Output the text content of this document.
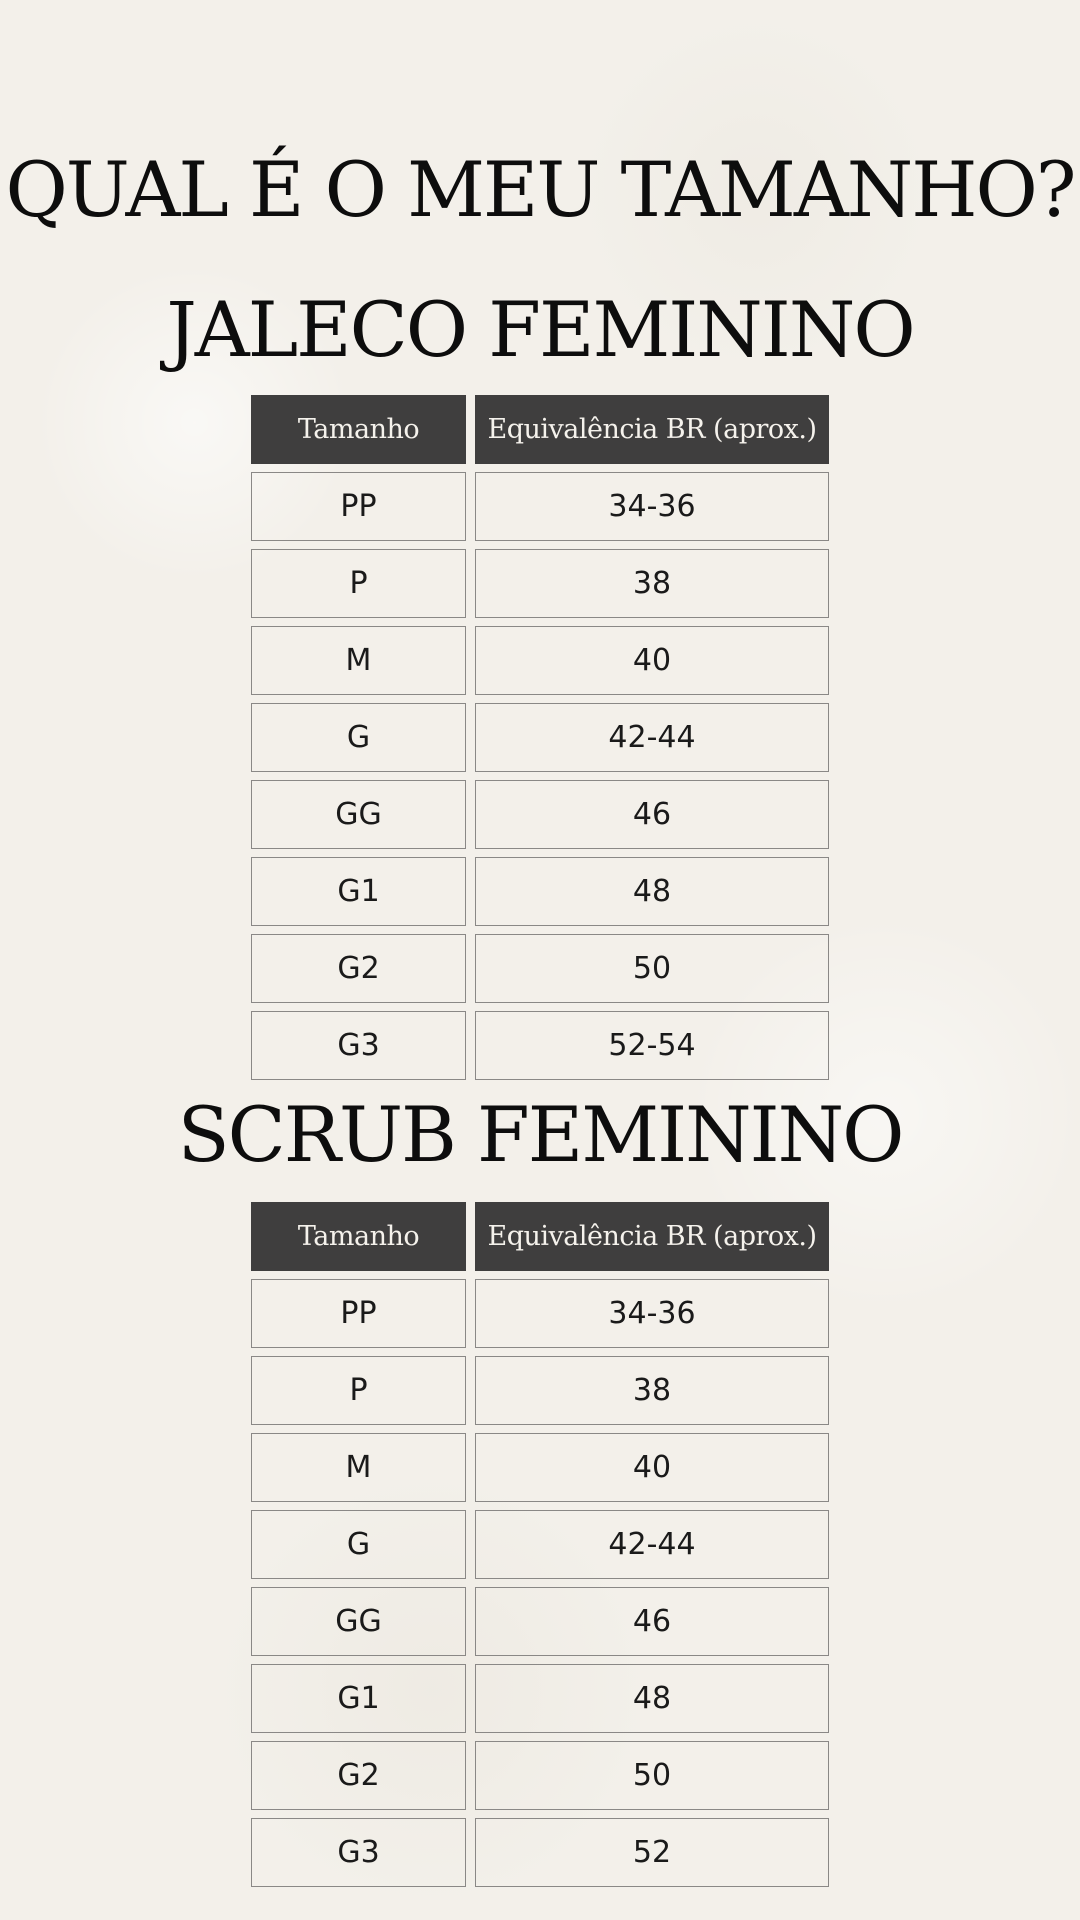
QUAL É O MEU TAMANHO?
JALECO FEMININO
Tamanho	Equivalência BR (aprox.)
PP	34-36
P	38
M	40
G	42-44
GG	46
G1	48
G2	50
G3	52-54
SCRUB FEMININO
Tamanho	Equivalência BR (aprox.)
PP	34-36
P	38
M	40
G	42-44
GG	46
G1	48
G2	50
G3	52
